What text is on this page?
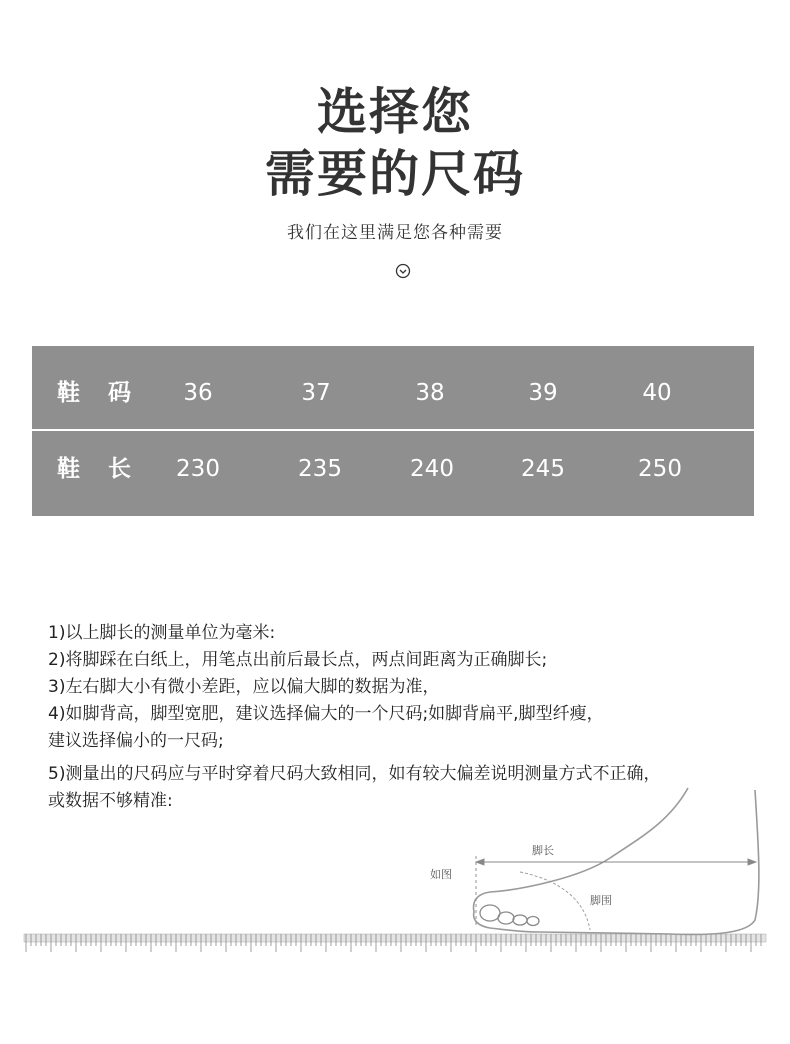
选择您
需要的尺码
我们在这里满足您各种需要
鞋 码	36	37	38	39	40
鞋 长	230	235	240	245	250
1)以上脚长的测量单位为毫米:
2)将脚踩在白纸上，用笔点出前后最长点，两点间距离为正确脚长;
3)左右脚大小有微小差距，应以偏大脚的数据为准，
4)如脚背高，脚型宽肥，建议选择偏大的一个尺码;如脚背扁平,脚型纤瘦，
建议选择偏小的一尺码;
5)测量出的尺码应与平时穿着尺码大致相同，如有较大偏差说明测量方式不正确，
或数据不够精准:
脚长
如图
脚围
